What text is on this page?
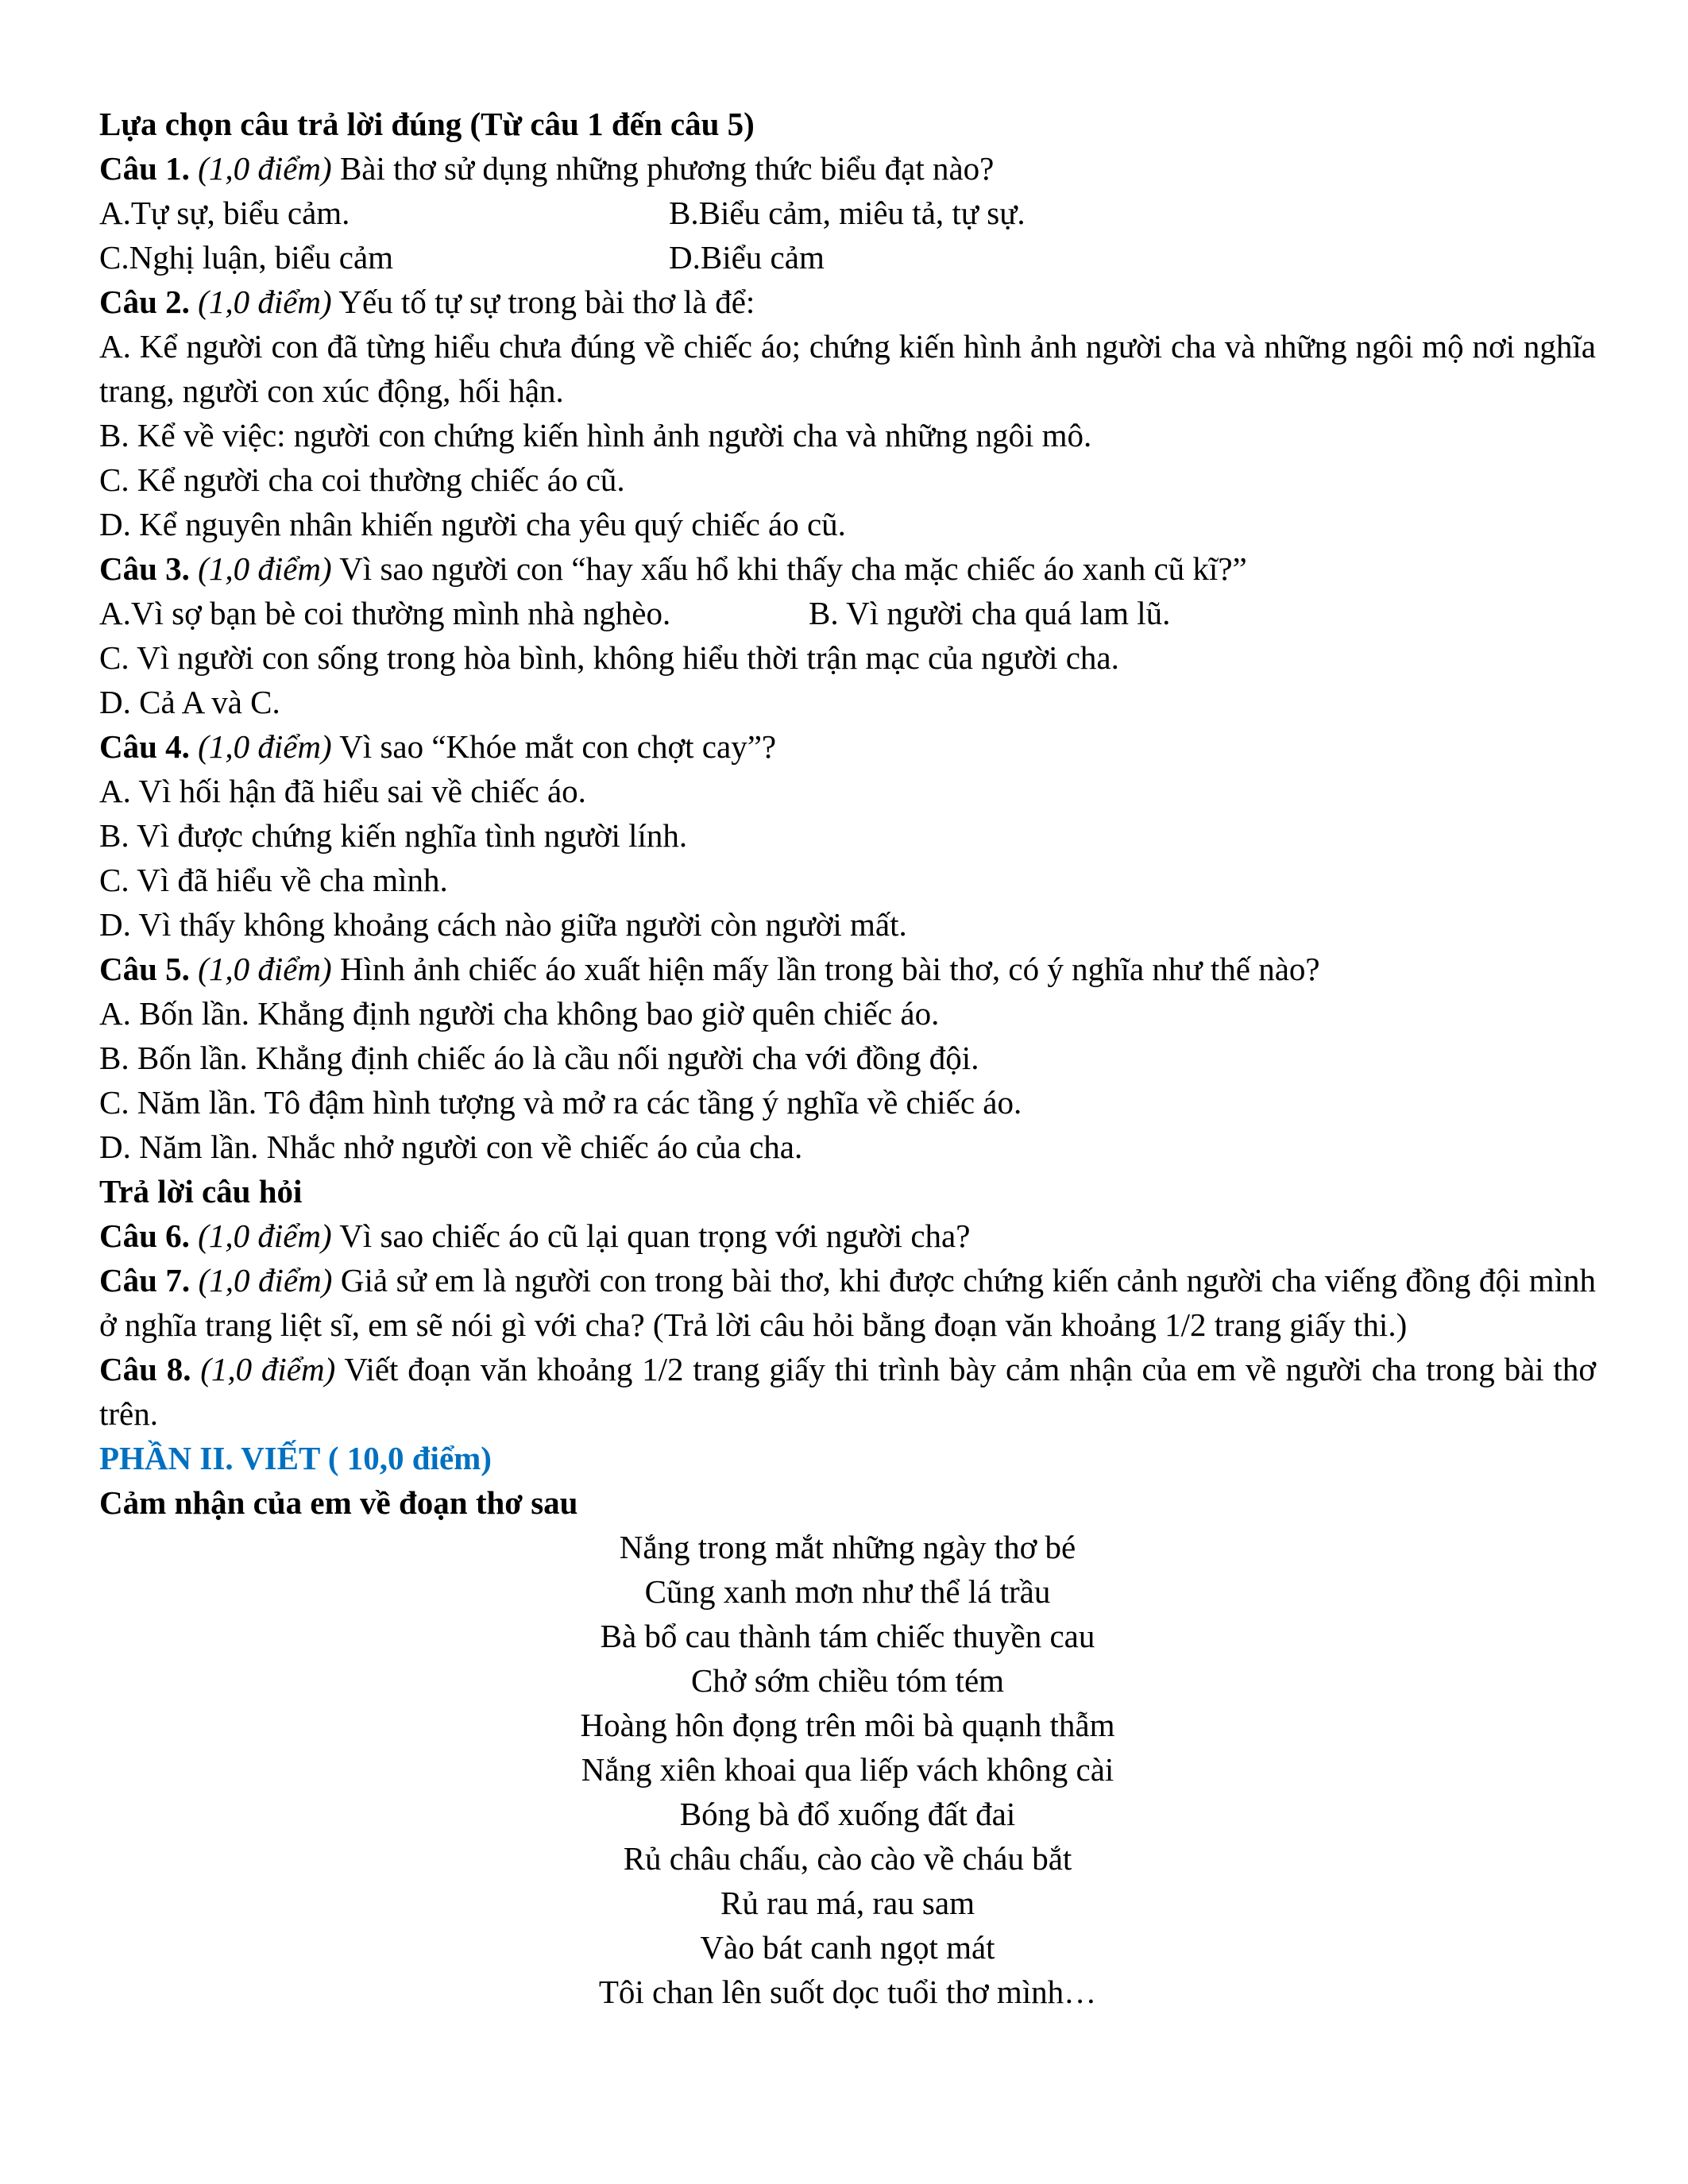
Lựa chọn câu trả lời đúng (Từ câu 1 đến câu 5)

Câu 1. (1,0 điểm) Bài thơ sử dụng những phương thức biểu đạt nào?

A.Tự sự, biểu cảm.	B.Biểu cảm, miêu tả, tự sự.
C.Nghị luận, biểu cảm	D.Biểu cảm

Câu 2. (1,0 điểm) Yếu tố tự sự trong bài thơ là để:

A. Kể người con đã từng hiểu chưa đúng về chiếc áo; chứng kiến hình ảnh người cha và những ngôi mộ nơi nghĩa trang, người con xúc động, hối hận.

B. Kể về việc: người con chứng kiến hình ảnh người cha và những ngôi mô.

C. Kể người cha coi thường chiếc áo cũ.

D. Kể nguyên nhân khiến người cha yêu quý chiếc áo cũ.

Câu 3. (1,0 điểm) Vì sao người con “hay xấu hổ khi thấy cha mặc chiếc áo xanh cũ kĩ?”

A.Vì sợ bạn bè coi thường mình nhà nghèo.	B. Vì người cha quá lam lũ.

C. Vì người con sống trong hòa bình, không hiểu thời trận mạc của người cha.

D. Cả A và C.

Câu 4. (1,0 điểm) Vì sao “Khóe mắt con chợt cay”?

A. Vì hối hận đã hiểu sai về chiếc áo.

B. Vì được chứng kiến nghĩa tình người lính.

C. Vì đã hiểu về cha mình.

D. Vì thấy không khoảng cách nào giữa người còn người mất.

Câu 5. (1,0 điểm) Hình ảnh chiếc áo xuất hiện mấy lần trong bài thơ, có ý nghĩa như thế nào?

A. Bốn lần. Khẳng định người cha không bao giờ quên chiếc áo.

B. Bốn lần. Khẳng định chiếc áo là cầu nối người cha với đồng đội.

C. Năm lần. Tô đậm hình tượng và mở ra các tầng ý nghĩa về chiếc áo.

D. Năm lần. Nhắc nhở người con về chiếc áo của cha.

Trả lời câu hỏi

Câu 6. (1,0 điểm) Vì sao chiếc áo cũ lại quan trọng với người cha?

Câu 7. (1,0 điểm) Giả sử em là người con trong bài thơ, khi được chứng kiến cảnh người cha viếng đồng đội mình ở nghĩa trang liệt sĩ, em sẽ nói gì với cha? (Trả lời câu hỏi bằng đoạn văn khoảng 1/2 trang giấy thi.)

Câu 8. (1,0 điểm) Viết đoạn văn khoảng 1/2 trang giấy thi trình bày cảm nhận của em về người cha trong bài thơ trên.

PHẦN II. VIẾT ( 10,0 điểm)

Cảm nhận của em về đoạn thơ sau

Nắng trong mắt những ngày thơ bé

Cũng xanh mơn như thể lá trầu

Bà bổ cau thành tám chiếc thuyền cau

Chở sớm chiều tóm tém

Hoàng hôn đọng trên môi bà quạnh thẫm

Nắng xiên khoai qua liếp vách không cài

Bóng bà đổ xuống đất đai

Rủ châu chấu, cào cào về cháu bắt

Rủ rau má, rau sam

Vào bát canh ngọt mát

Tôi chan lên suốt dọc tuổi thơ mình…
